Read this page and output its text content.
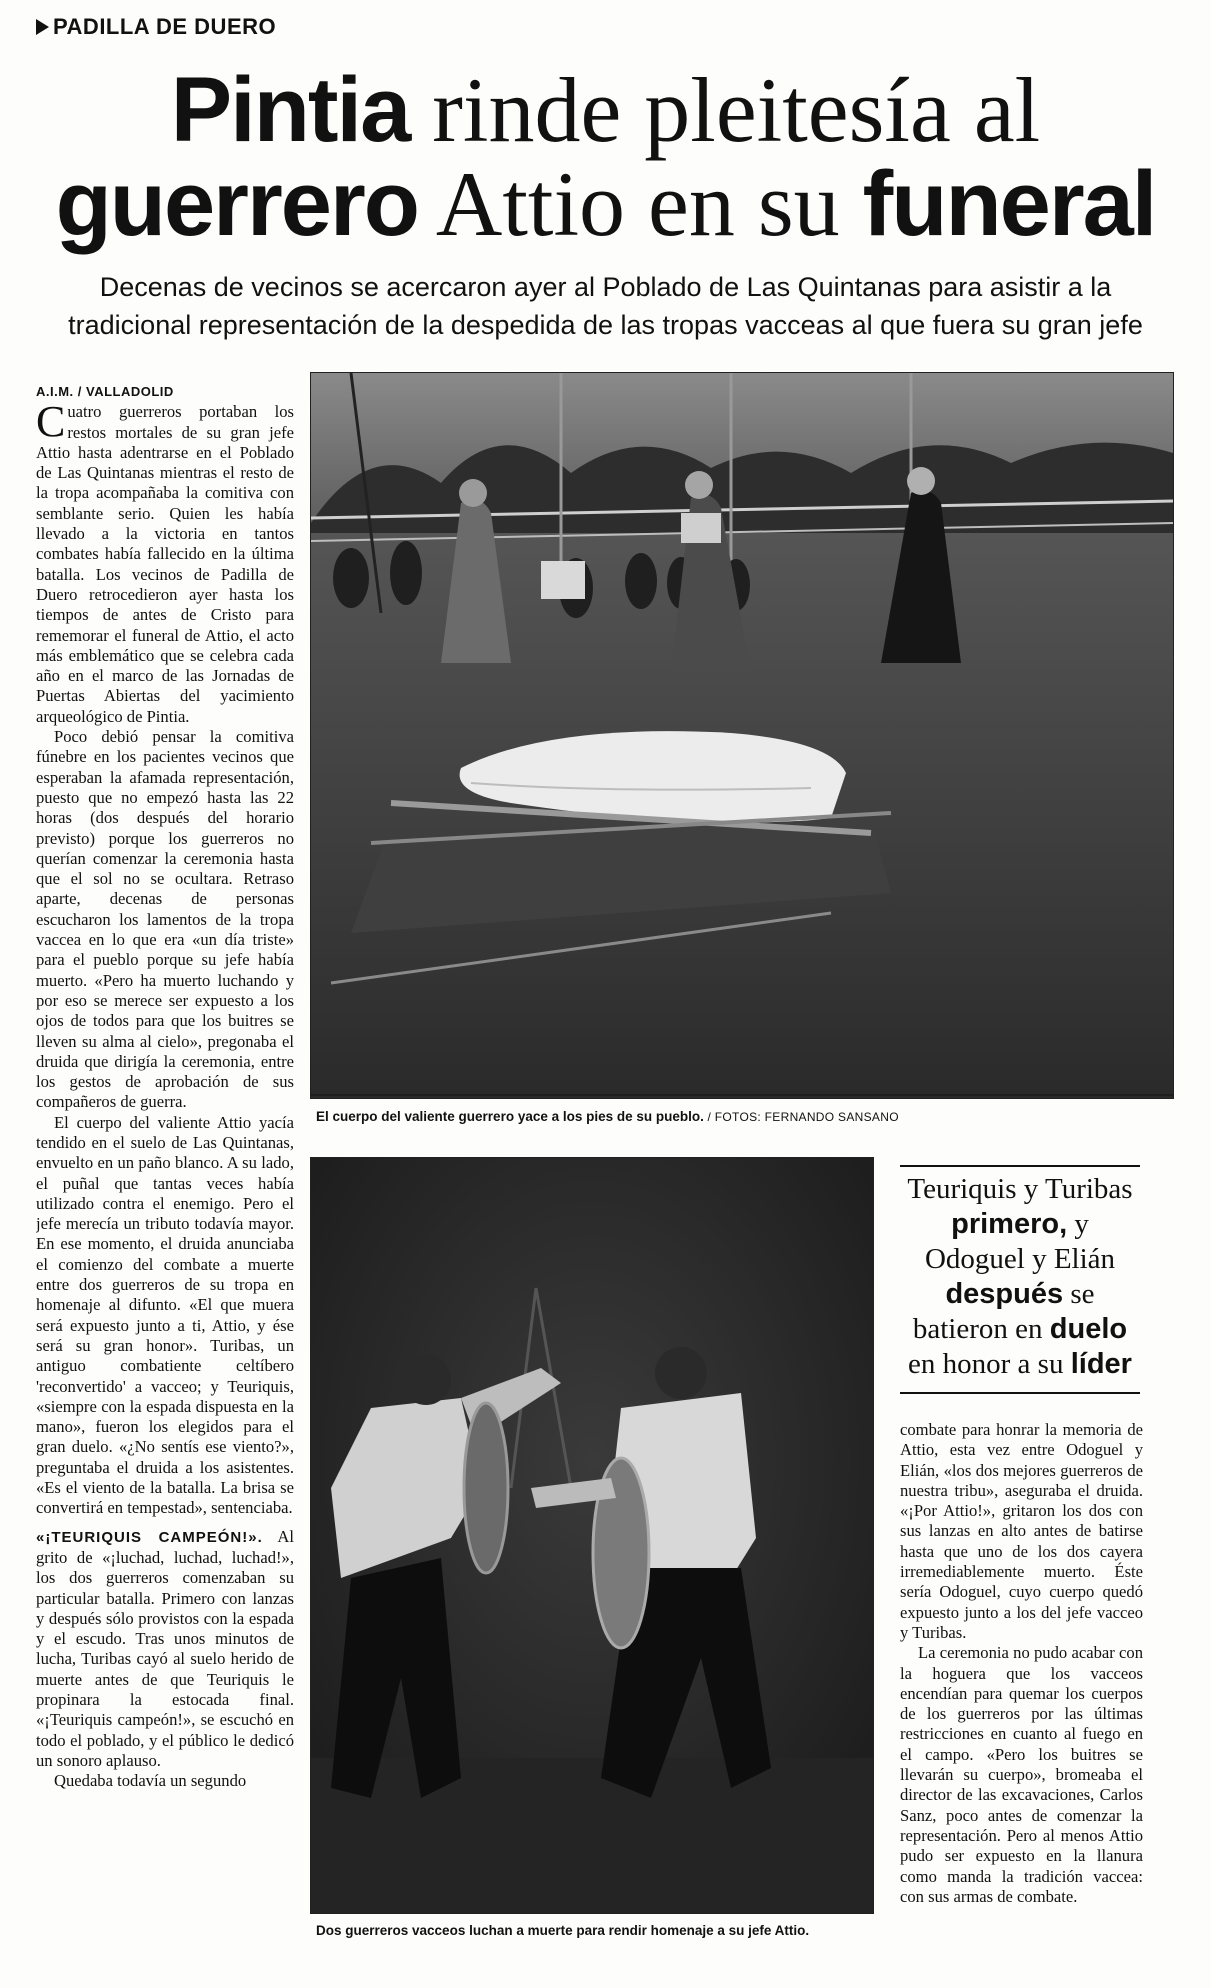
PADILLA DE DUERO
Pintia rinde pleitesía al
guerrero Attio en su funeral
Decenas de vecinos se acercaron ayer al Poblado de Las Quintanas para asistir a la tradicional representación de la despedida de las tropas vacceas al que fuera su gran jefe
A.I.M. / VALLADOLID

Cuatro guerreros portaban los restos mortales de su gran jefe Attio hasta adentrarse en el Poblado de Las Quintanas mientras el resto de la tropa acompañaba la comitiva con semblante serio. Quien les había llevado a la victoria en tantos combates había fallecido en la última batalla. Los vecinos de Padilla de Duero retrocedieron ayer hasta los tiempos de antes de Cristo para rememorar el funeral de Attio, el acto más emblemático que se celebra cada año en el marco de las Jornadas de Puertas Abiertas del yacimiento arqueológico de Pintia.

Poco debió pensar la comitiva fúnebre en los pacientes vecinos que esperaban la afamada representación, puesto que no empezó hasta las 22 horas (dos después del horario previsto) porque los guerreros no querían comenzar la ceremonia hasta que el sol no se ocultara. Retraso aparte, decenas de personas escucharon los lamentos de la tropa vaccea en lo que era «un día triste» para el pueblo porque su jefe había muerto. «Pero ha muerto luchando y por eso se merece ser expuesto a los ojos de todos para que los buitres se lleven su alma al cielo», pregonaba el druida que dirigía la ceremonia, entre los gestos de aprobación de sus compañeros de guerra.

El cuerpo del valiente Attio yacía tendido en el suelo de Las Quintanas, envuelto en un paño blanco. A su lado, el puñal que tantas veces había utilizado contra el enemigo. Pero el jefe merecía un tributo todavía mayor. En ese momento, el druida anunciaba el comienzo del combate a muerte entre dos guerreros de su tropa en homenaje al difunto. «El que muera será expuesto junto a ti, Attio, y ése será su gran honor». Turibas, un antiguo combatiente celtíbero 'reconvertido' a vacceo; y Teuriquis, «siempre con la espada dispuesta en la mano», fueron los elegidos para el gran duelo. «¿No sentís ese viento?», preguntaba el druida a los asistentes. «Es el viento de la batalla. La brisa se convertirá en tempestad», sentenciaba.

«¡TEURIQUIS CAMPEÓN!». Al grito de «¡luchad, luchad, luchad!», los dos guerreros comenzaban su particular batalla. Primero con lanzas y después sólo provistos con la espada y el escudo. Tras unos minutos de lucha, Turibas cayó al suelo herido de muerte antes de que Teuriquis le propinara la estocada final. «¡Teuriquis campeón!», se escuchó en todo el poblado, y el público le dedicó un sonoro aplauso.

Quedaba todavía un segundo

El cuerpo del valiente guerrero yace a los pies de su pueblo. / FOTOS: FERNANDO SANSANO
Dos guerreros vacceos luchan a muerte para rendir homenaje a su jefe Attio.
Teuriquis y Turibas primero, y Odoguel y Elián después se batieron en duelo en honor a su líder

combate para honrar la memoria de Attio, esta vez entre Odoguel y Elián, «los dos mejores guerreros de nuestra tribu», aseguraba el druida. «¡Por Attio!», gritaron los dos con sus lanzas en alto antes de batirse hasta que uno de los dos cayera irremediablemente muerto. Éste sería Odoguel, cuyo cuerpo quedó expuesto junto a los del jefe vacceo y Turibas.

La ceremonia no pudo acabar con la hoguera que los vacceos encendían para quemar los cuerpos de los guerreros por las últimas restricciones en cuanto al fuego en el campo. «Pero los buitres se llevarán su cuerpo», bromeaba el director de las excavaciones, Carlos Sanz, poco antes de comenzar la representación. Pero al menos Attio pudo ser expuesto en la llanura como manda la tradición vaccea: con sus armas de combate.
